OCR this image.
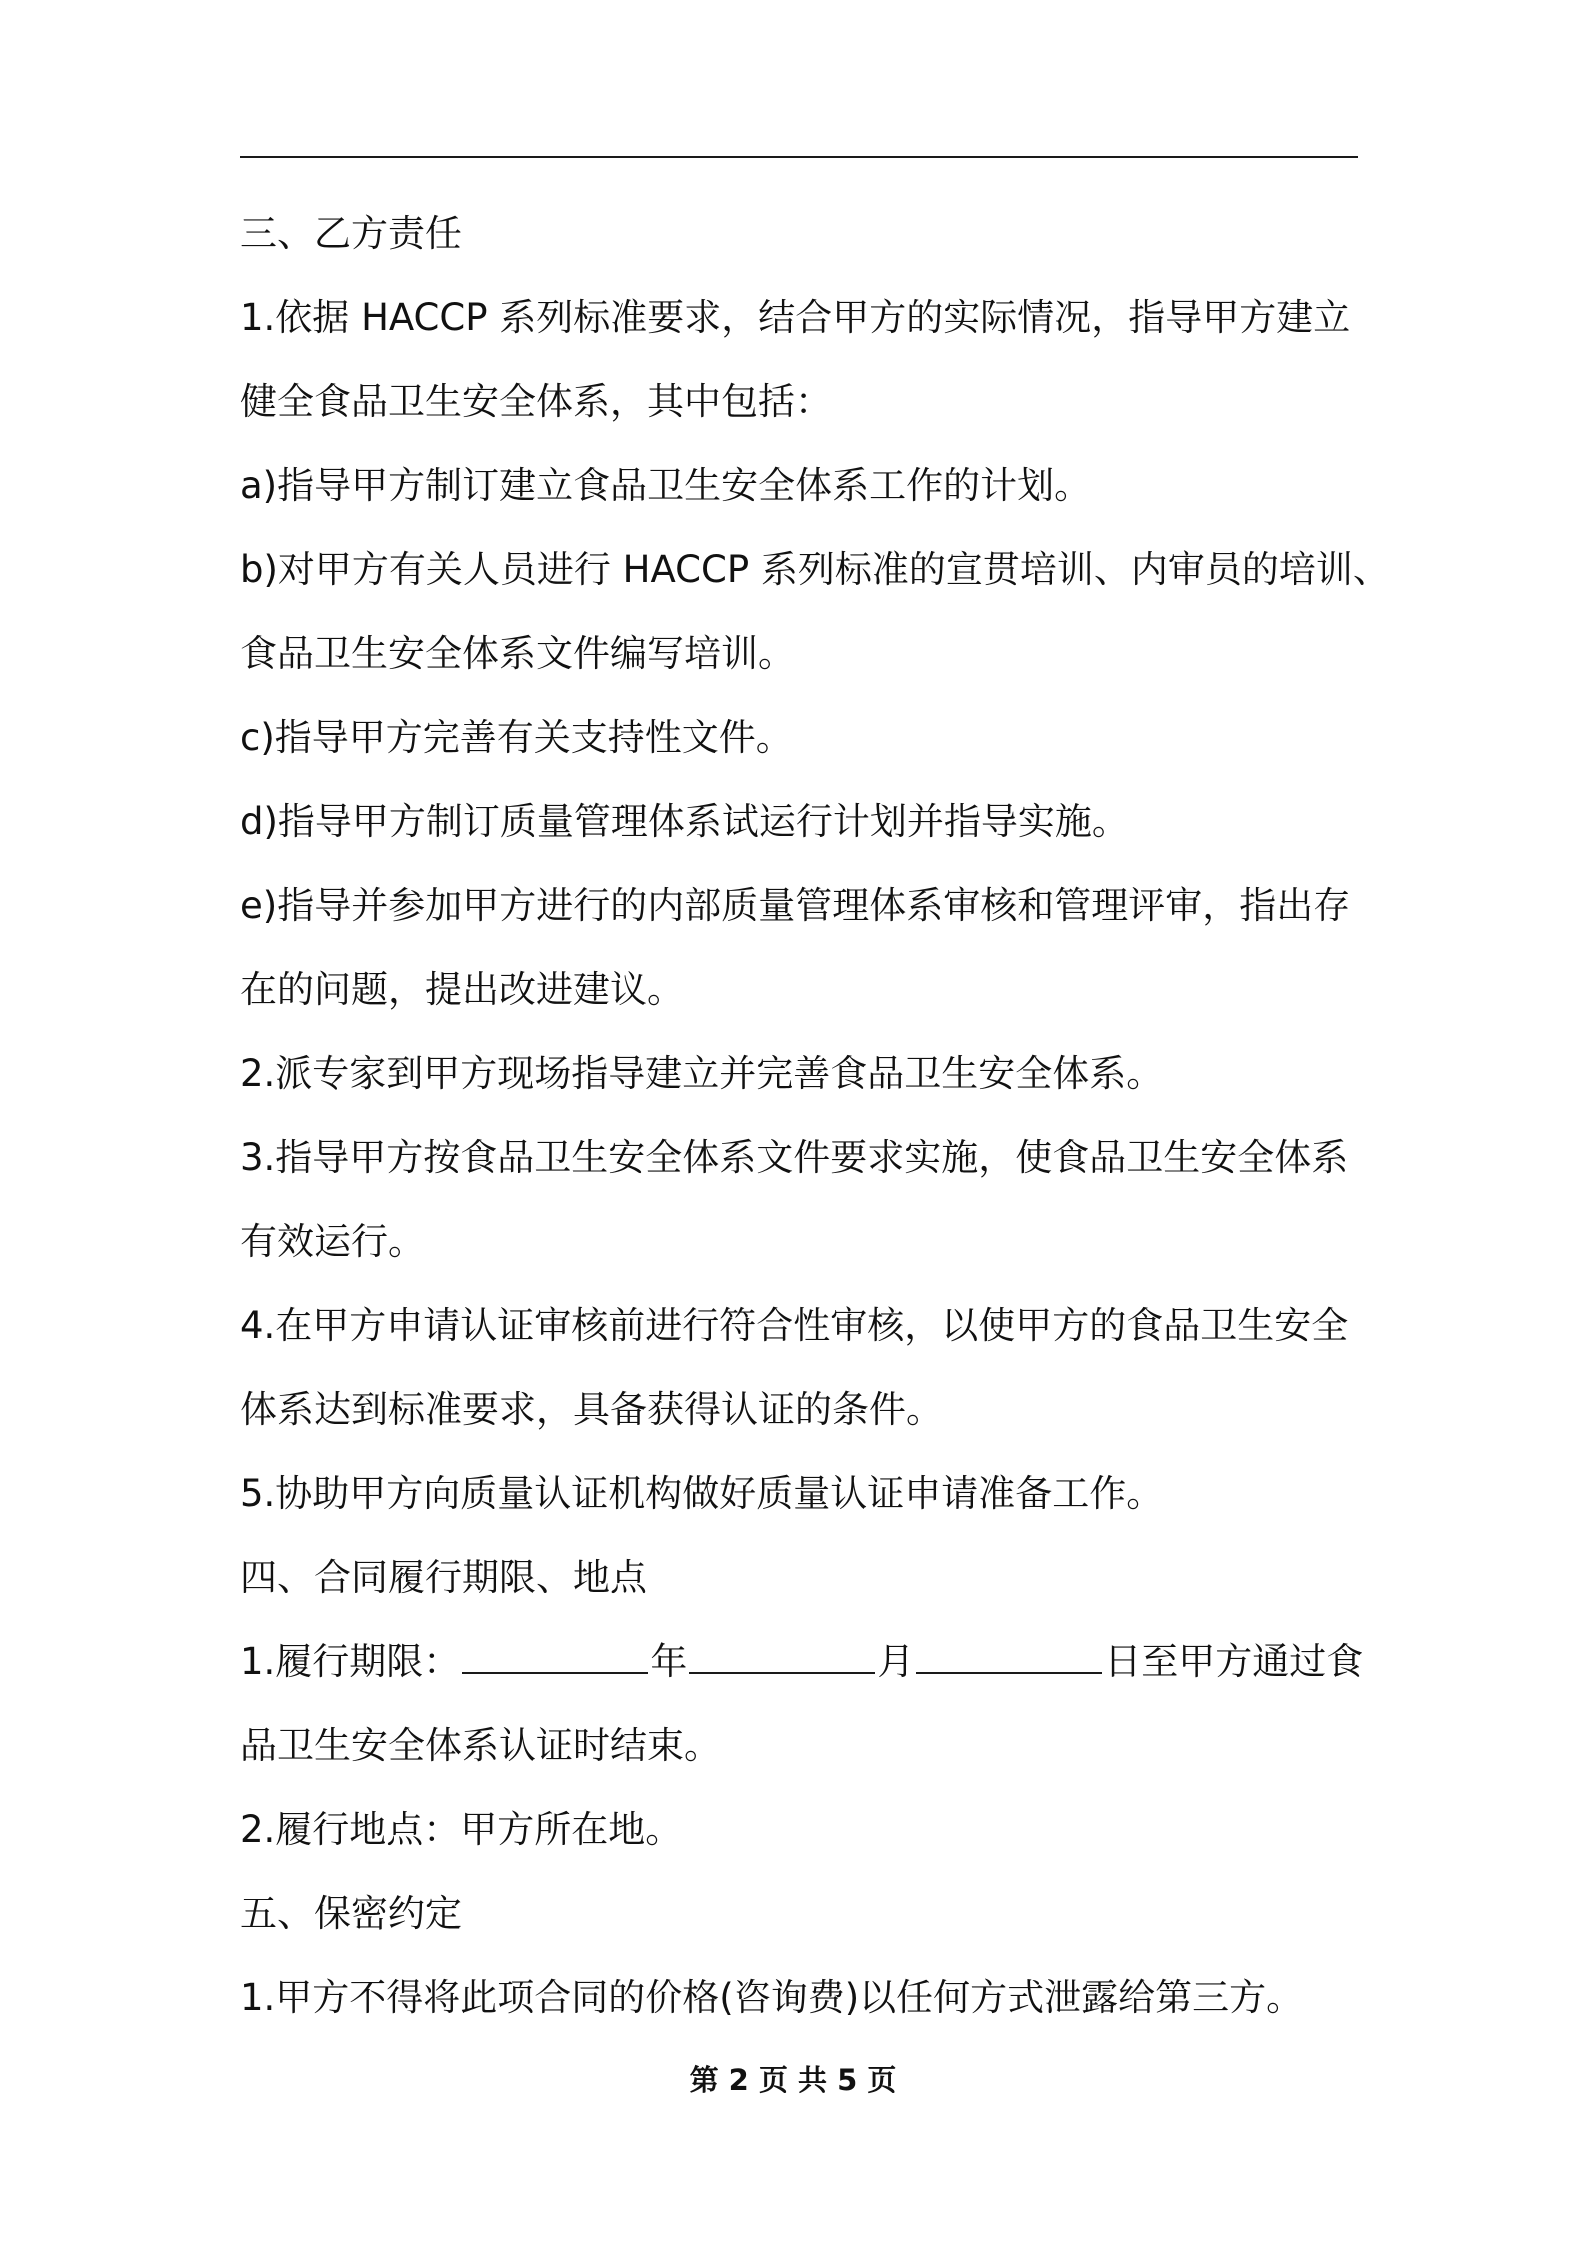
三、乙方责任
1.依据 HACCP 系列标准要求，结合甲方的实际情况，指导甲方建立
健全食品卫生安全体系，其中包括：
a)指导甲方制订建立食品卫生安全体系工作的计划。
b)对甲方有关人员进行 HACCP 系列标准的宣贯培训、内审员的培训、
食品卫生安全体系文件编写培训。
c)指导甲方完善有关支持性文件。
d)指导甲方制订质量管理体系试运行计划并指导实施。
e)指导并参加甲方进行的内部质量管理体系审核和管理评审，指出存
在的问题，提出改进建议。
2.派专家到甲方现场指导建立并完善食品卫生安全体系。
3.指导甲方按食品卫生安全体系文件要求实施，使食品卫生安全体系
有效运行。
4.在甲方申请认证审核前进行符合性审核，以使甲方的食品卫生安全
体系达到标准要求，具备获得认证的条件。
5.协助甲方向质量认证机构做好质量认证申请准备工作。
四、合同履行期限、地点
1.履行期限：	年	月	日至甲方通过食
品卫生安全体系认证时结束。
2.履行地点：甲方所在地。
五、保密约定
1.甲方不得将此项合同的价格(咨询费)以任何方式泄露给第三方。
第 2 页 共 5 页
